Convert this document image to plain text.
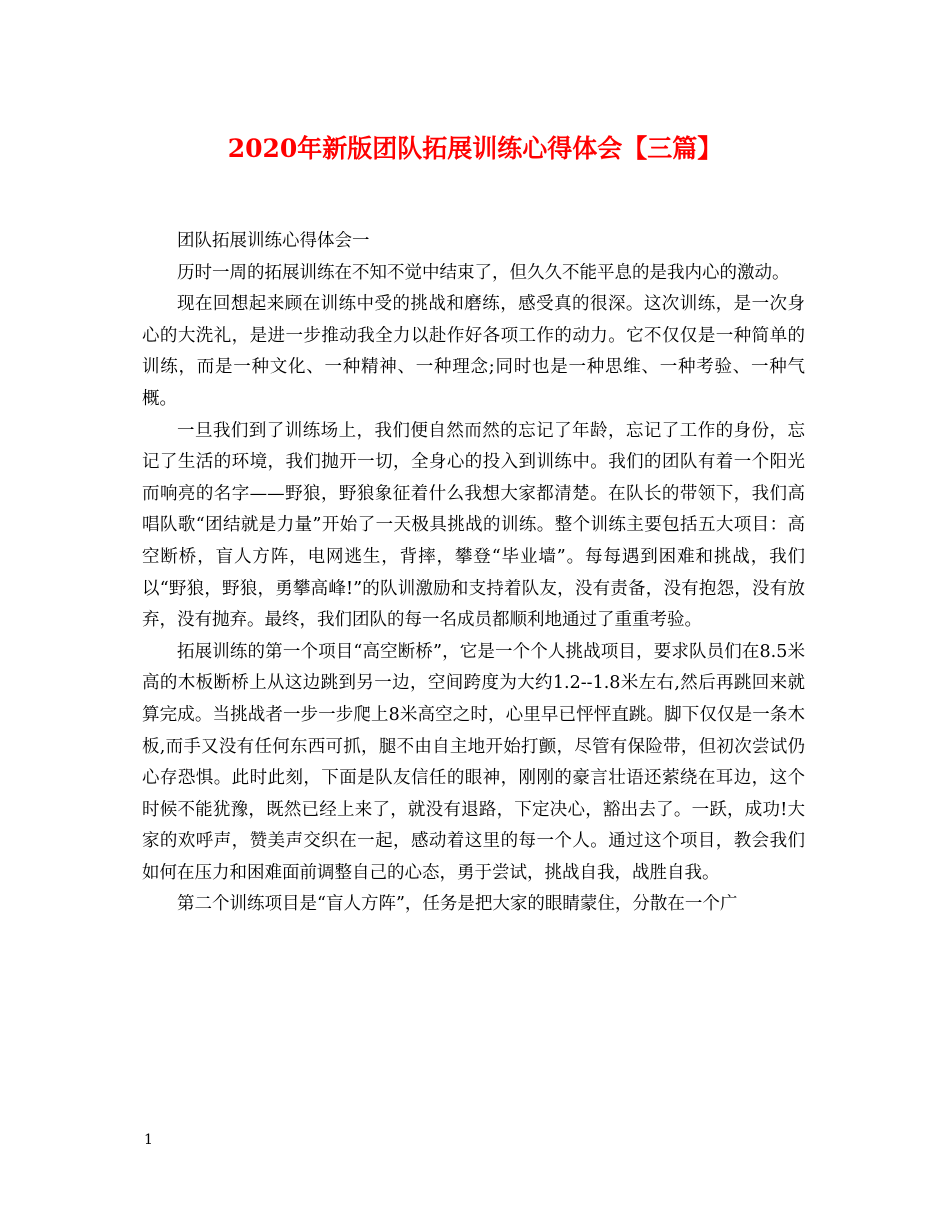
2020年新版团队拓展训练心得体会【三篇】

团队拓展训练心得体会一

历时一周的拓展训练在不知不觉中结束了，但久久不能平息的是我内心的激动。

现在回想起来顾在训练中受的挑战和磨练，感受真的很深。这次训练，是一次身心的大洗礼，是进一步推动我全力以赴作好各项工作的动力。它不仅仅是一种简单的训练，而是一种文化、一种精神、一种理念;同时也是一种思维、一种考验、一种气概。

一旦我们到了训练场上，我们便自然而然的忘记了年龄，忘记了工作的身份，忘记了生活的环境，我们抛开一切，全身心的投入到训练中。我们的团队有着一个阳光而响亮的名字——野狼，野狼象征着什么我想大家都清楚。在队长的带领下，我们高唱队歌“团结就是力量”开始了一天极具挑战的训练。整个训练主要包括五大项目：高空断桥，盲人方阵，电网逃生，背摔，攀登“毕业墙”。每每遇到困难和挑战，我们以“野狼，野狼，勇攀高峰!”的队训激励和支持着队友，没有责备，没有抱怨，没有放弃，没有抛弃。最终，我们团队的每一名成员都顺利地通过了重重考验。

拓展训练的第一个项目“高空断桥”，它是一个个人挑战项目，要求队员们在8.5米高的木板断桥上从这边跳到另一边，空间跨度为大约1.2--1.8米左右,然后再跳回来就算完成。当挑战者一步一步爬上8米高空之时，心里早已怦怦直跳。脚下仅仅是一条木板,而手又没有任何东西可抓，腿不由自主地开始打颤，尽管有保险带，但初次尝试仍心存恐惧。此时此刻，下面是队友信任的眼神，刚刚的豪言壮语还萦绕在耳边，这个时候不能犹豫，既然已经上来了，就没有退路，下定决心，豁出去了。一跃，成功!大家的欢呼声，赞美声交织在一起，感动着这里的每一个人。通过这个项目，教会我们如何在压力和困难面前调整自己的心态，勇于尝试，挑战自我，战胜自我。

第二个训练项目是“盲人方阵”，任务是把大家的眼睛蒙住，分散在一个广

1
